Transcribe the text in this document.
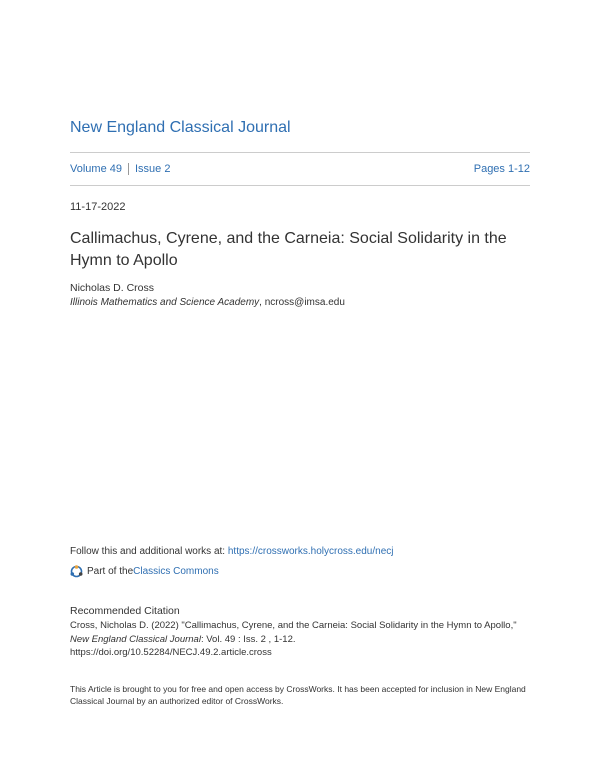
New England Classical Journal
Volume 49 Issue 2	Pages 1-12
11-17-2022
Callimachus, Cyrene, and the Carneia: Social Solidarity in the Hymn to Apollo
Nicholas D. Cross
Illinois Mathematics and Science Academy, ncross@imsa.edu
Follow this and additional works at: https://crossworks.holycross.edu/necj
Part of the Classics Commons
Recommended Citation
Cross, Nicholas D. (2022) "Callimachus, Cyrene, and the Carneia: Social Solidarity in the Hymn to Apollo,"
New England Classical Journal: Vol. 49 : Iss. 2 , 1-12.
https://doi.org/10.52284/NECJ.49.2.article.cross
This Article is brought to you for free and open access by CrossWorks. It has been accepted for inclusion in New England Classical Journal by an authorized editor of CrossWorks.
